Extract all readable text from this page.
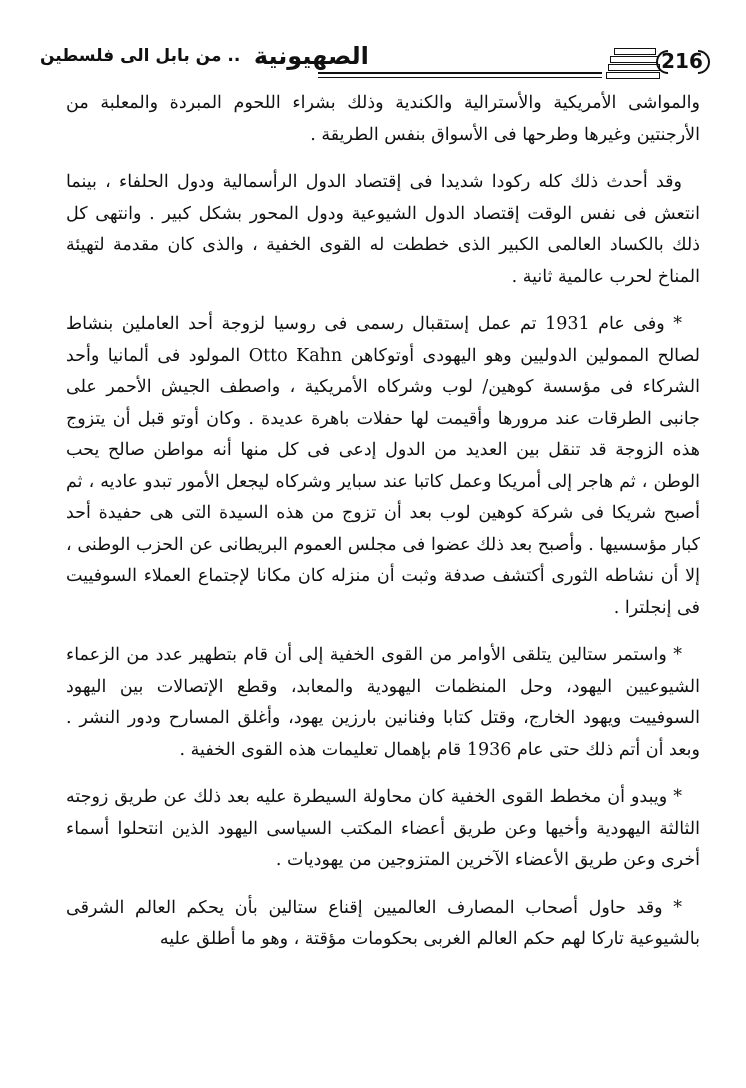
الصهيونية .. من بابل الى فلسطين	216

والمواشى الأمريكية والأسترالية والكندية وذلك بشراء اللحوم المبردة والمعلبة من الأرجنتين وغيرها وطرحها فى الأسواق بنفس الطريقة .

وقد أحدث ذلك كله ركودا شديدا فى إقتصاد الدول الرأسمالية ودول الحلفاء ، بينما انتعش فى نفس الوقت إقتصاد الدول الشيوعية ودول المحور بشكل كبير . وانتهى كل ذلك بالكساد العالمى الكبير الذى خططت له القوى الخفية ، والذى كان مقدمة لتهيئة المناخ لحرب عالمية ثانية .

* وفى عام 1931 تم عمل إستقبال رسمى فى روسيا لزوجة أحد العاملين بنشاط لصالح الممولين الدوليين وهو اليهودى أوتوكاهن Otto Kahn المولود فى ألمانيا وأحد الشركاء فى مؤسسة كوهين/ لوب وشركاه الأمريكية ، واصطف الجيش الأحمر على جانبى الطرقات عند مرورها وأقيمت لها حفلات باهرة عديدة . وكان أوتو قبل أن يتزوج هذه الزوجة قد تنقل بين العديد من الدول إدعى فى كل منها أنه مواطن صالح يحب الوطن ، ثم هاجر إلى أمريكا وعمل كاتبا عند سباير وشركاه ليجعل الأمور تبدو عاديه ، ثم أصبح شريكا فى شركة كوهين لوب بعد أن تزوج من هذه السيدة التى هى حفيدة أحد كبار مؤسسيها . وأصبح بعد ذلك عضوا فى مجلس العموم البريطانى عن الحزب الوطنى ، إلا أن نشاطه الثورى أكتشف صدفة وثبت أن منزله كان مكانا لإجتماع العملاء السوفييت فى إنجلترا .

* واستمر ستالين يتلقى الأوامر من القوى الخفية إلى أن قام بتطهير عدد من الزعماء الشيوعيين اليهود، وحل المنظمات اليهودية والمعابد، وقطع الإتصالات بين اليهود السوفييت ويهود الخارج، وقتل كتابا وفنانين بارزين يهود، وأغلق المسارح ودور النشر . وبعد أن أتم ذلك حتى عام 1936 قام بإهمال تعليمات هذه القوى الخفية .

* ويبدو أن مخطط القوى الخفية كان محاولة السيطرة عليه بعد ذلك عن طريق زوجته الثالثة اليهودية وأخيها وعن طريق أعضاء المكتب السياسى اليهود الذين انتحلوا أسماء أخرى وعن طريق الأعضاء الآخرين المتزوجين من يهوديات .

* وقد حاول أصحاب المصارف العالميين إقناع ستالين بأن يحكم العالم الشرقى بالشيوعية تاركا لهم حكم العالم الغربى بحكومات مؤقتة ، وهو ما أطلق عليه
